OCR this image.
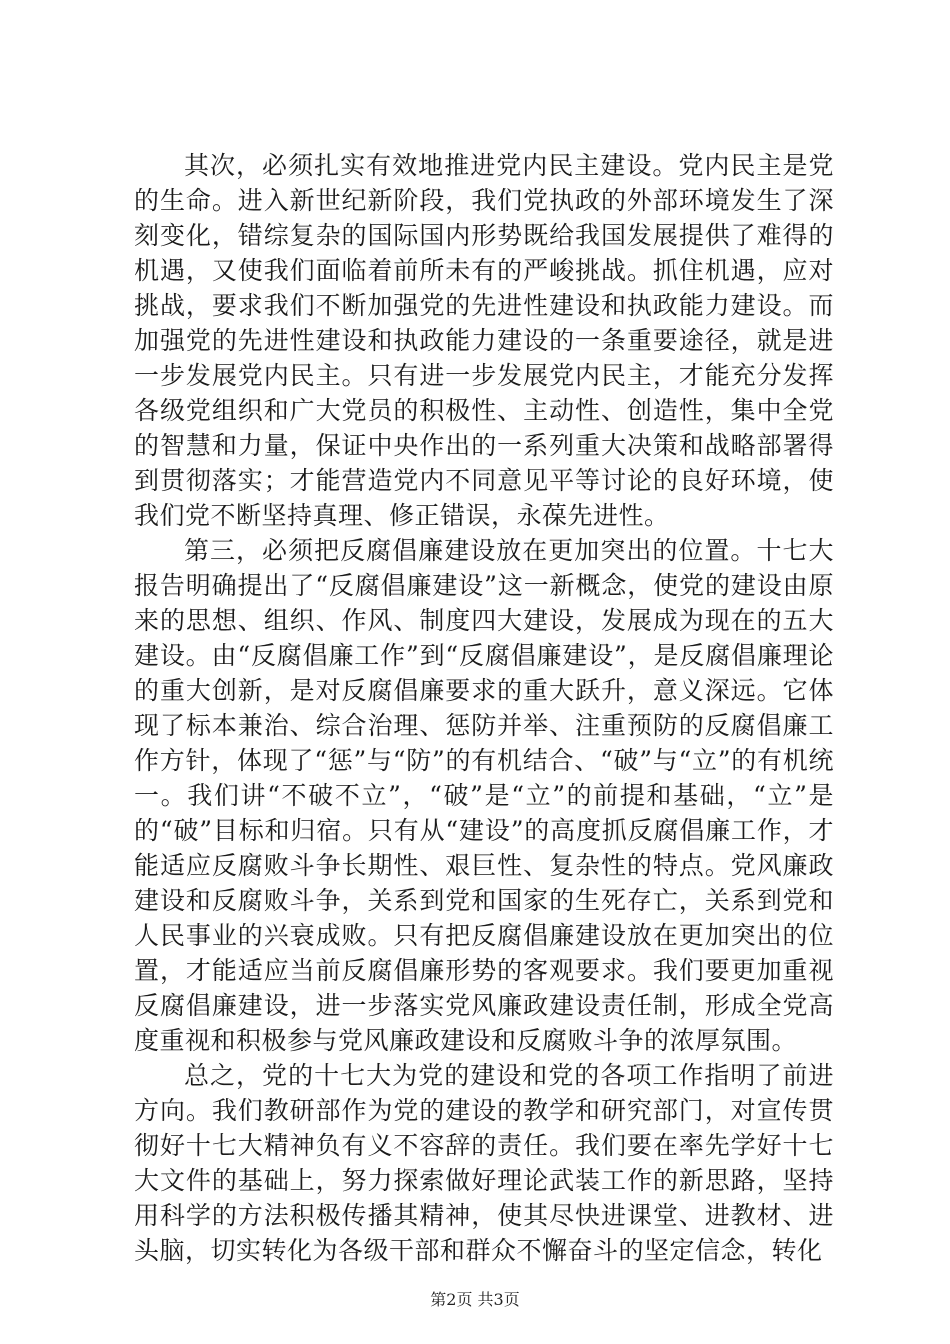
其次，必须扎实有效地推进党内民主建设。党内民主是党的生命。进入新世纪新阶段，我们党执政的外部环境发生了深刻变化，错综复杂的国际国内形势既给我国发展提供了难得的机遇，又使我们面临着前所未有的严峻挑战。抓住机遇，应对挑战，要求我们不断加强党的先进性建设和执政能力建设。而加强党的先进性建设和执政能力建设的一条重要途径，就是进一步发展党内民主。只有进一步发展党内民主，才能充分发挥各级党组织和广大党员的积极性、主动性、创造性，集中全党的智慧和力量，保证中央作出的一系列重大决策和战略部署得到贯彻落实；才能营造党内不同意见平等讨论的良好环境，使我们党不断坚持真理、修正错误，永葆先进性。

第三，必须把反腐倡廉建设放在更加突出的位置。十七大报告明确提出了“反腐倡廉建设”这一新概念，使党的建设由原来的思想、组织、作风、制度四大建设，发展成为现在的五大建设。由“反腐倡廉工作”到“反腐倡廉建设”，是反腐倡廉理论的重大创新，是对反腐倡廉要求的重大跃升，意义深远。它体现了标本兼治、综合治理、惩防并举、注重预防的反腐倡廉工作方针，体现了“惩”与“防”的有机结合、“破”与“立”的有机统一。我们讲“不破不立”，“破”是“立”的前提和基础，“立”是的“破”目标和归宿。只有从“建设”的高度抓反腐倡廉工作，才能适应反腐败斗争长期性、艰巨性、复杂性的特点。党风廉政建设和反腐败斗争，关系到党和国家的生死存亡，关系到党和人民事业的兴衰成败。只有把反腐倡廉建设放在更加突出的位置，才能适应当前反腐倡廉形势的客观要求。我们要更加重视反腐倡廉建设，进一步落实党风廉政建设责任制，形成全党高度重视和积极参与党风廉政建设和反腐败斗争的浓厚氛围。

总之，党的十七大为党的建设和党的各项工作指明了前进方向。我们教研部作为党的建设的教学和研究部门，对宣传贯彻好十七大精神负有义不容辞的责任。我们要在率先学好十七大文件的基础上，努力探索做好理论武装工作的新思路，坚持用科学的方法积极传播其精神，使其尽快进课堂、进教材、进头脑，切实转化为各级干部和群众不懈奋斗的坚定信念，转化

第2页 共3页
